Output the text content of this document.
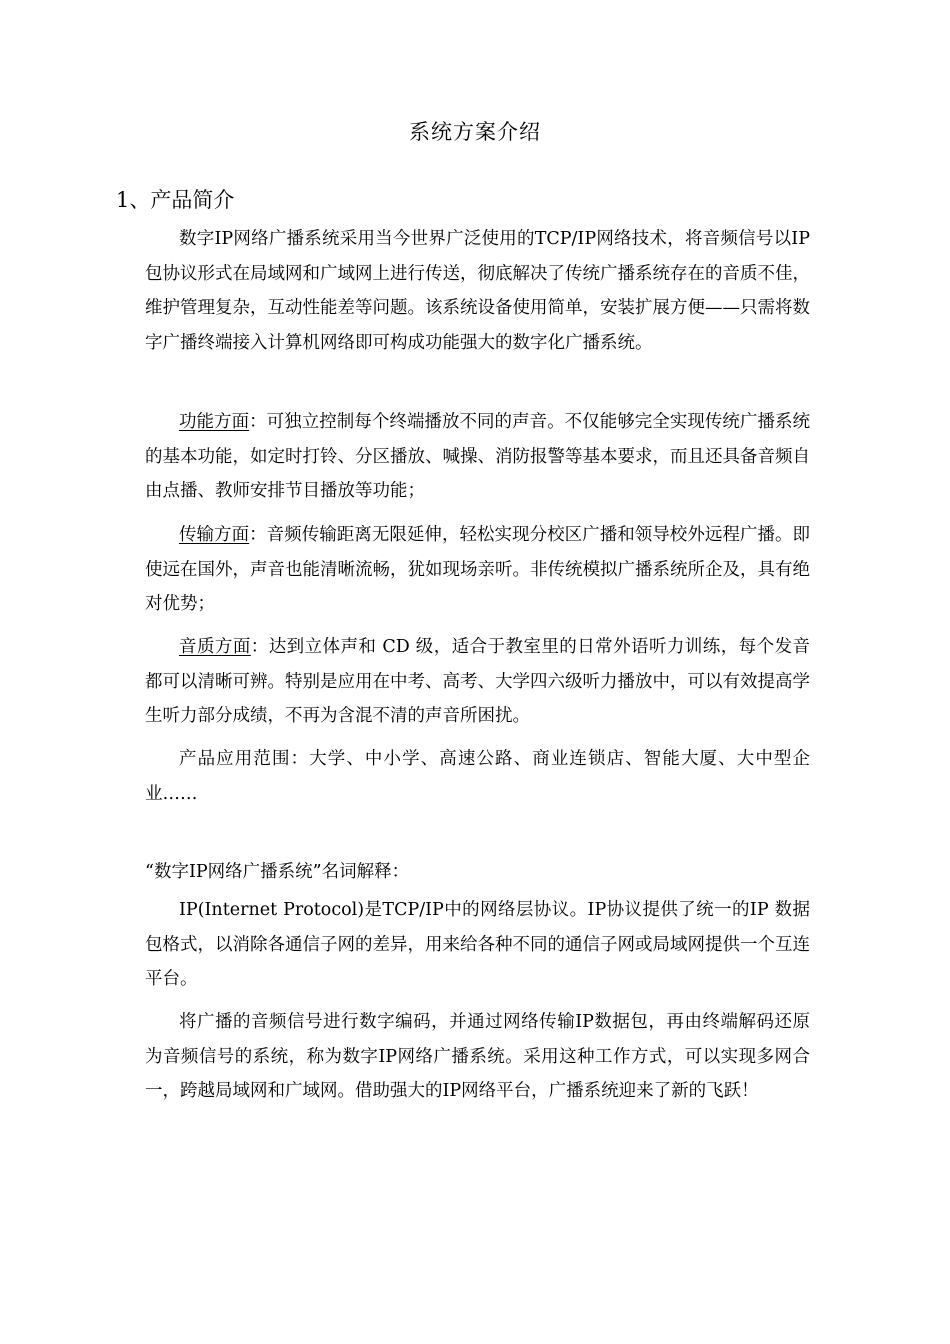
系统方案介绍
1、产品简介

数字IP网络广播系统采用当今世界广泛使用的TCP/IP网络技术，将音频信号以IP包协议形式在局域网和广域网上进行传送，彻底解决了传统广播系统存在的音质不佳，维护管理复杂，互动性能差等问题。该系统设备使用简单，安装扩展方便——只需将数字广播终端接入计算机网络即可构成功能强大的数字化广播系统。

功能方面：可独立控制每个终端播放不同的声音。不仅能够完全实现传统广播系统的基本功能，如定时打铃、分区播放、喊操、消防报警等基本要求，而且还具备音频自由点播、教师安排节目播放等功能；

传输方面：音频传输距离无限延伸，轻松实现分校区广播和领导校外远程广播。即使远在国外，声音也能清晰流畅，犹如现场亲听。非传统模拟广播系统所企及，具有绝对优势；

音质方面：达到立体声和 CD 级，适合于教室里的日常外语听力训练，每个发音都可以清晰可辨。特别是应用在中考、高考、大学四六级听力播放中，可以有效提高学生听力部分成绩，不再为含混不清的声音所困扰。

产品应用范围：大学、中小学、高速公路、商业连锁店、智能大厦、大中型企业……

“数字IP网络广播系统”名词解释：

IP(Internet Protocol)是TCP/IP中的网络层协议。IP协议提供了统一的IP 数据包格式，以消除各通信子网的差异，用来给各种不同的通信子网或局域网提供一个互连平台。

将广播的音频信号进行数字编码，并通过网络传输IP数据包，再由终端解码还原为音频信号的系统，称为数字IP网络广播系统。采用这种工作方式，可以实现多网合一，跨越局域网和广域网。借助强大的IP网络平台，广播系统迎来了新的飞跃！
